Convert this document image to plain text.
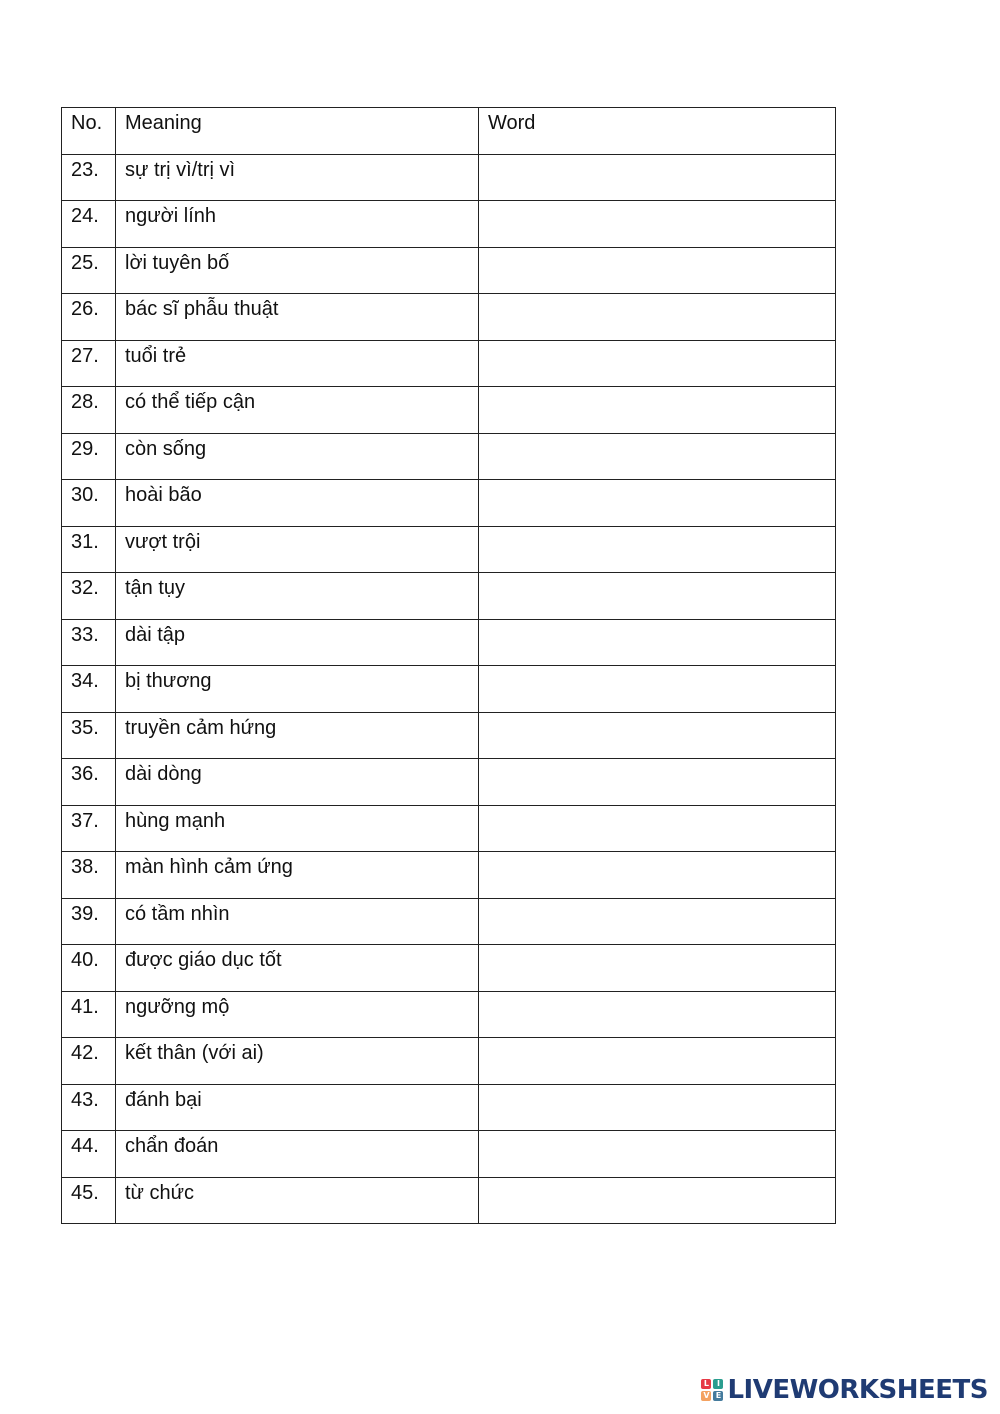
No.	Meaning	Word

23.	sự trị vì/trị vì	

24.	người lính	

25.	lời tuyên bố	

26.	bác sĩ phẫu thuật	

27.	tuổi trẻ	

28.	có thể tiếp cận	

29.	còn sống	

30.	hoài bão	

31.	vượt trội	

32.	tận tụy	

33.	dài tập	

34.	bị thương	

35.	truyền cảm hứng	

36.	dài dòng	

37.	hùng mạnh	

38.	màn hình cảm ứng	

39.	có tầm nhìn	

40.	được giáo dục tốt	

41.	ngưỡng mộ	

42.	kết thân (với ai)	

43.	đánh bại	

44.	chẩn đoán	

45.	từ chức	

L I
V E LIVEWORKSHEETS
